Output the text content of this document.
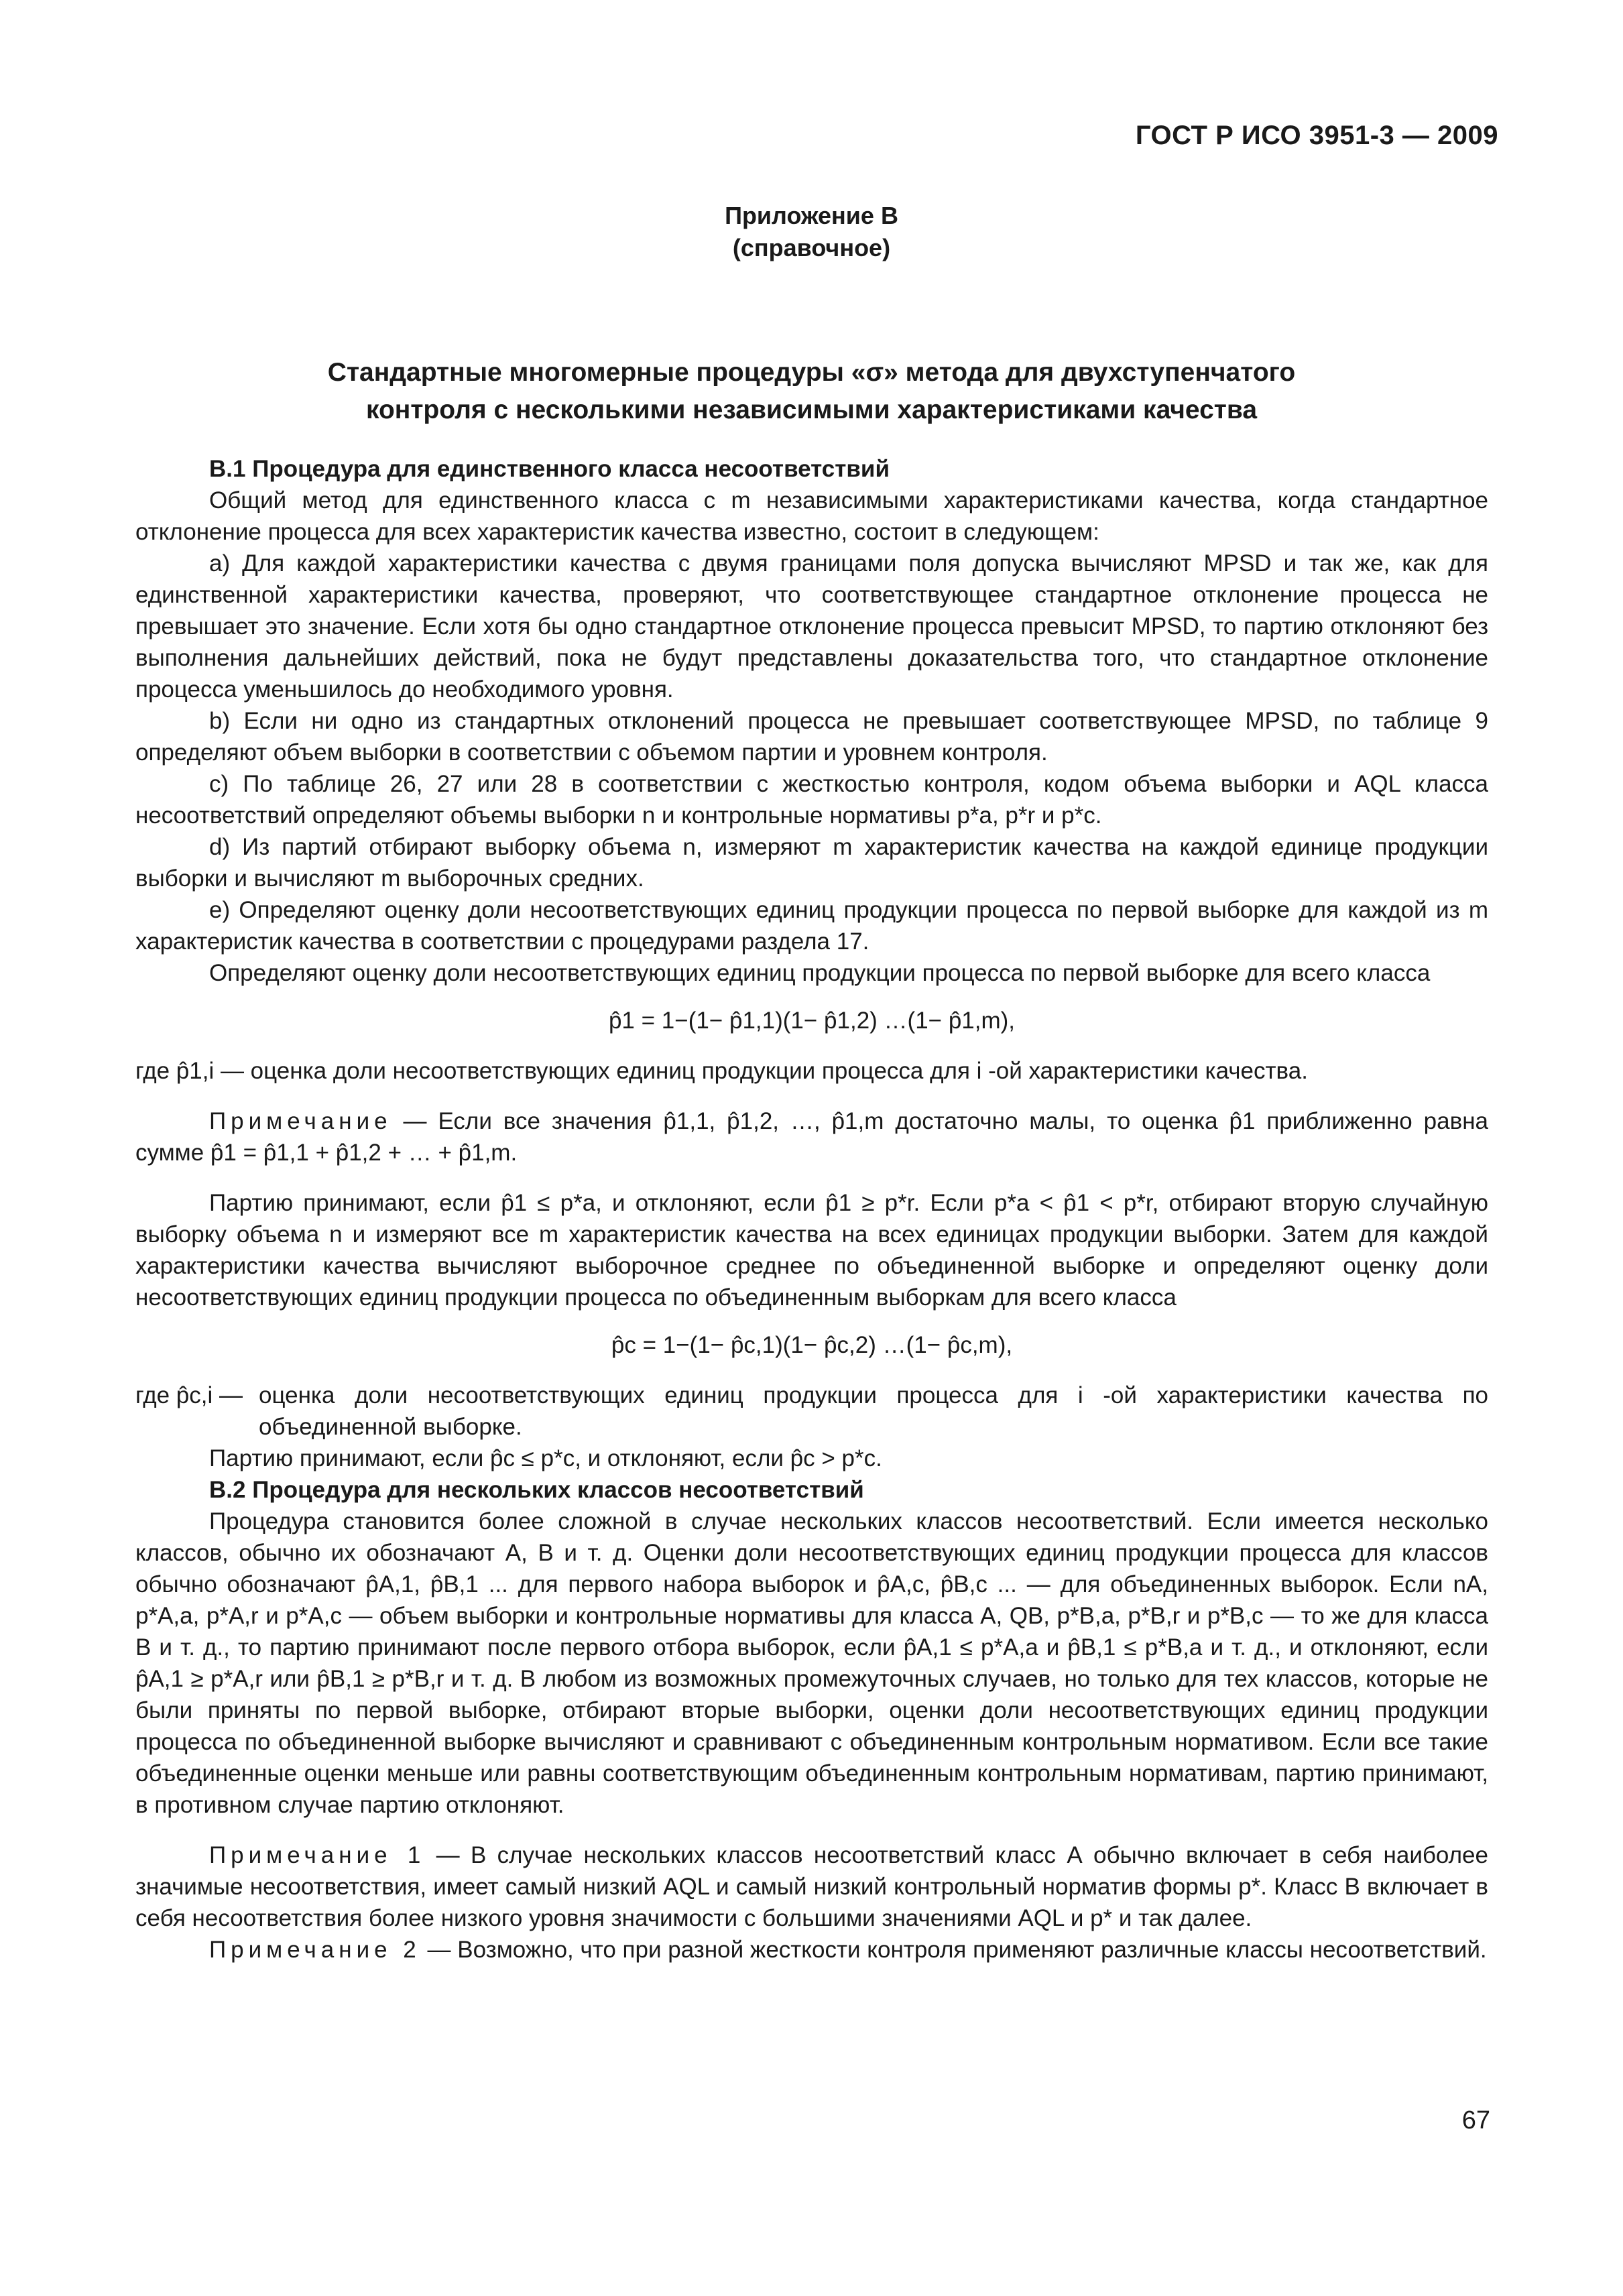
ГОСТ Р ИСО 3951-3 — 2009
Приложение В
(справочное)
Стандартные многомерные процедуры «σ» метода для двухступенчатого
контроля с несколькими независимыми характеристиками качества

В.1 Процедура для единственного класса несоответствий

Общий метод для единственного класса с m независимыми характеристиками качества, когда стандартное отклонение процесса для всех характеристик качества известно, состоит в следующем:

а) Для каждой характеристики качества с двумя границами поля допуска вычисляют MPSD и так же, как для единственной характеристики качества, проверяют, что соответствующее стандартное отклонение процесса не превышает это значение. Если хотя бы одно стандартное отклонение процесса превысит MPSD, то партию отклоняют без выполнения дальнейших действий, пока не будут представлены доказательства того, что стандартное отклонение процесса уменьшилось до необходимого уровня.

b) Если ни одно из стандартных отклонений процесса не превышает соответствующее MPSD, по таблице 9 определяют объем выборки в соответствии с объемом партии и уровнем контроля.

c) По таблице 26, 27 или 28 в соответствии с жесткостью контроля, кодом объема выборки и AQL класса несоответствий определяют объемы выборки n и контрольные нормативы p*a, p*r и p*c.

d) Из партий отбирают выборку объема n, измеряют m характеристик качества на каждой единице продукции выборки и вычисляют m выборочных средних.

e) Определяют оценку доли несоответствующих единиц продукции процесса по первой выборке для каждой из m характеристик качества в соответствии с процедурами раздела 17.

Определяют оценку доли несоответствующих единиц продукции процесса по первой выборке для всего класса

p̂1 = 1−(1− p̂1,1)(1− p̂1,2) …(1− p̂1,m),

где p̂1,i — оценка доли несоответствующих единиц продукции процесса для i -ой характеристики качества.

Примечание — Если все значения p̂1,1, p̂1,2, …, p̂1,m достаточно малы, то оценка p̂1 приближенно равна сумме p̂1 = p̂1,1 + p̂1,2 + … + p̂1,m.

Партию принимают, если p̂1 ≤ p*a, и отклоняют, если p̂1 ≥ p*r. Если p*a < p̂1 < p*r, отбирают вторую случайную выборку объема n и измеряют все m характеристик качества на всех единицах продукции выборки. Затем для каждой характеристики качества вычисляют выборочное среднее по объединенной выборке и определяют оценку доли несоответствующих единиц продукции процесса по объединенным выборкам для всего класса

p̂c = 1−(1− p̂c,1)(1− p̂c,2) …(1− p̂c,m),

где p̂c,i — оценка доли несоответствующих единиц продукции процесса для i -ой характеристики качества по объединенной выборке.

Партию принимают, если p̂c ≤ p*c, и отклоняют, если p̂c > p*c.

В.2 Процедура для нескольких классов несоответствий

Процедура становится более сложной в случае нескольких классов несоответствий. Если имеется несколько классов, обычно их обозначают А, В и т. д. Оценки доли несоответствующих единиц продукции процесса для классов обычно обозначают p̂A,1, p̂B,1 ... для первого набора выборок и p̂A,c, p̂B,c ... — для объединенных выборок. Если nA, p*A,a, p*A,r и p*A,c — объем выборки и контрольные нормативы для класса А, QB, p*B,a, p*B,r и p*B,c — то же для класса В и т. д., то партию принимают после первого отбора выборок, если p̂A,1 ≤ p*A,a и p̂B,1 ≤ p*B,a и т. д., и отклоняют, если p̂A,1 ≥ p*A,r или p̂B,1 ≥ p*B,r и т. д. В любом из возможных промежуточных случаев, но только для тех классов, которые не были приняты по первой выборке, отбирают вторые выборки, оценки доли несоответствующих единиц продукции процесса по объединенной выборке вычисляют и сравнивают с объединенным контрольным нормативом. Если все такие объединенные оценки меньше или равны соответствующим объединенным контрольным нормативам, партию принимают, в противном случае партию отклоняют.

Примечание 1 — В случае нескольких классов несоответствий класс А обычно включает в себя наиболее значимые несоответствия, имеет самый низкий AQL и самый низкий контрольный норматив формы p*. Класс В включает в себя несоответствия более низкого уровня значимости с большими значениями AQL и p* и так далее.

Примечание 2 — Возможно, что при разной жесткости контроля применяют различные классы несоответствий.

67
